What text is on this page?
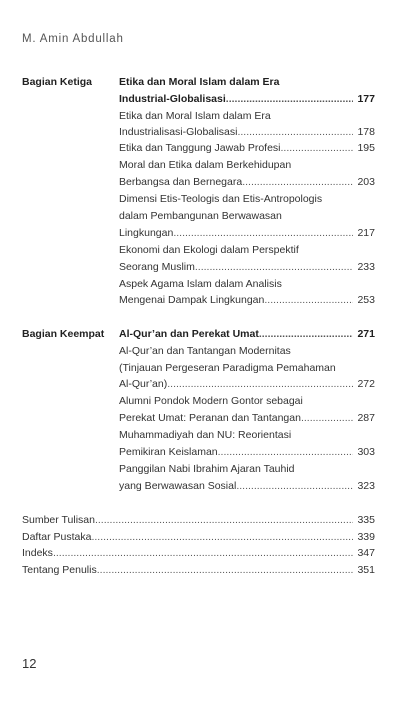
M. Amin Abdullah
Bagian Ketiga	Etika dan Moral Islam dalam Era
Industrial-Globalisasi .....	177
Etika dan Moral Islam dalam Era
Industrialisasi-Globalisasi .....	178
Etika dan Tanggung Jawab Profesi .....	195
Moral dan Etika dalam Berkehidupan
Berbangsa dan Bernegara .....	203
Dimensi Etis-Teologis dan Etis-Antropologis
dalam Pembangunan Berwawasan
Lingkungan .....	217
Ekonomi dan Ekologi dalam Perspektif
Seorang Muslim .....	233
Aspek Agama Islam dalam Analisis
Mengenai Dampak Lingkungan .....	253
Bagian Keempat Al-Qur’an dan Perekat Umat .....	271
Al-Qur’an dan Tantangan Modernitas
(Tinjauan Pergeseran Paradigma Pemahaman
Al-Qur’an) .....	272
Alumni Pondok Modern Gontor sebagai
Perekat Umat: Peranan dan Tantangan .....	287
Muhammadiyah dan NU: Reorientasi
Pemikiran Keislaman .....	303
Panggilan Nabi Ibrahim Ajaran Tauhid
yang Berwawasan Sosial .....	323
Sumber Tulisan .....	335
Daftar Pustaka .....	339
Indeks .....	347
Tentang Penulis .....	351
12
